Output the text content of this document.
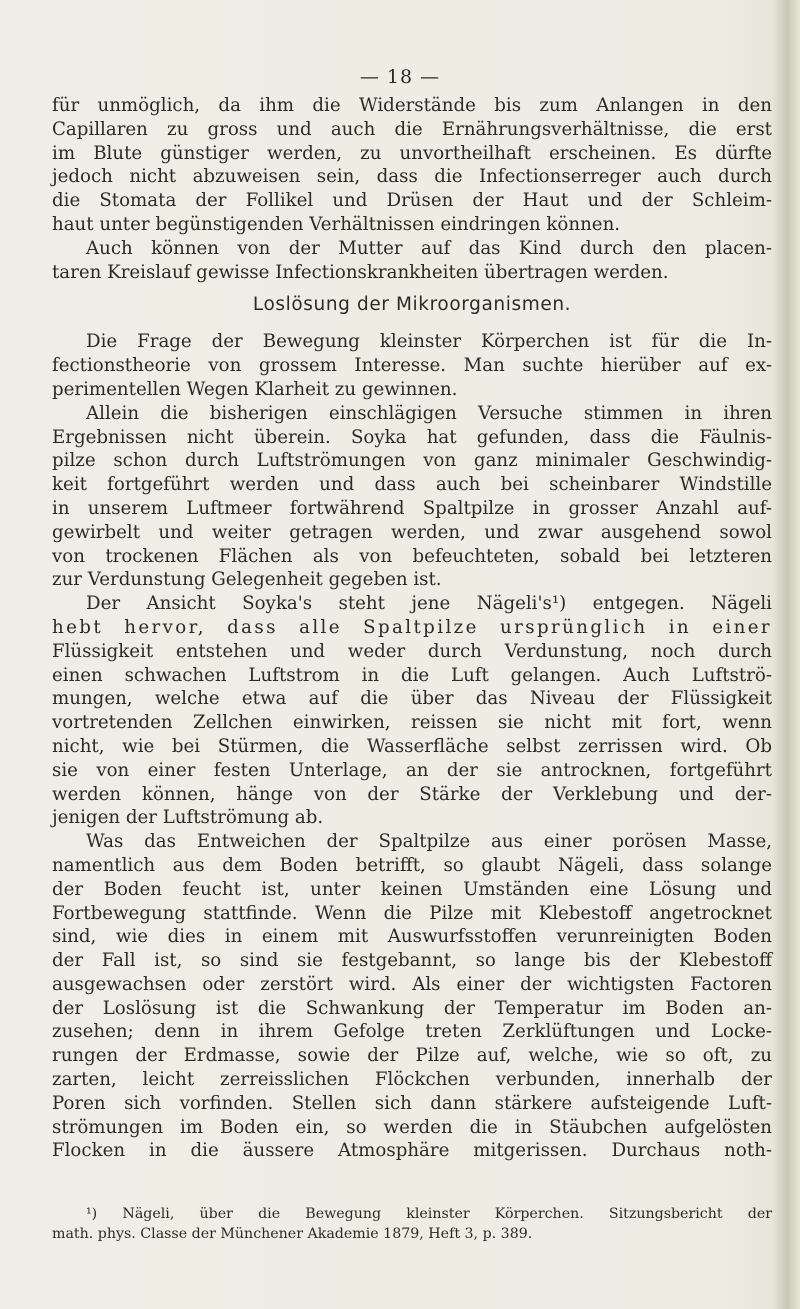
— 18 —
für unmöglich, da ihm die Widerstände bis zum Anlangen in den
Capillaren zu gross und auch die Ernährungsverhältnisse, die erst
im Blute günstiger werden, zu unvortheilhaft erscheinen. Es dürfte
jedoch nicht abzuweisen sein, dass die Infectionserreger auch durch
die Stomata der Follikel und Drüsen der Haut und der Schleim-
haut unter begünstigenden Verhältnissen eindringen können.
Auch können von der Mutter auf das Kind durch den placen-
taren Kreislauf gewisse Infectionskrankheiten übertragen werden.
Loslösung der Mikroorganismen.
Die Frage der Bewegung kleinster Körperchen ist für die In-
fectionstheorie von grossem Interesse. Man suchte hierüber auf ex-
perimentellen Wegen Klarheit zu gewinnen.
Allein die bisherigen einschlägigen Versuche stimmen in ihren
Ergebnissen nicht überein. Soyka hat gefunden, dass die Fäulnis-
pilze schon durch Luftströmungen von ganz minimaler Geschwindig-
keit fortgeführt werden und dass auch bei scheinbarer Windstille
in unserem Luftmeer fortwährend Spaltpilze in grosser Anzahl auf-
gewirbelt und weiter getragen werden, und zwar ausgehend sowol
von trockenen Flächen als von befeuchteten, sobald bei letzteren
zur Verdunstung Gelegenheit gegeben ist.
Der Ansicht Soyka's steht jene Nägeli's¹) entgegen. Nägeli
hebt hervor, dass alle Spaltpilze ursprünglich in einer
Flüssigkeit entstehen und weder durch Verdunstung, noch durch
einen schwachen Luftstrom in die Luft gelangen. Auch Luftströ-
mungen, welche etwa auf die über das Niveau der Flüssigkeit
vortretenden Zellchen einwirken, reissen sie nicht mit fort, wenn
nicht, wie bei Stürmen, die Wasserfläche selbst zerrissen wird. Ob
sie von einer festen Unterlage, an der sie antrocknen, fortgeführt
werden können, hänge von der Stärke der Verklebung und der-
jenigen der Luftströmung ab.
Was das Entweichen der Spaltpilze aus einer porösen Masse,
namentlich aus dem Boden betrifft, so glaubt Nägeli, dass solange
der Boden feucht ist, unter keinen Umständen eine Lösung und
Fortbewegung stattfinde. Wenn die Pilze mit Klebestoff angetrocknet
sind, wie dies in einem mit Auswurfsstoffen verunreinigten Boden
der Fall ist, so sind sie festgebannt, so lange bis der Klebestoff
ausgewachsen oder zerstört wird. Als einer der wichtigsten Factoren
der Loslösung ist die Schwankung der Temperatur im Boden an-
zusehen; denn in ihrem Gefolge treten Zerklüftungen und Locke-
rungen der Erdmasse, sowie der Pilze auf, welche, wie so oft, zu
zarten, leicht zerreisslichen Flöckchen verbunden, innerhalb der
Poren sich vorfinden. Stellen sich dann stärkere aufsteigende Luft-
strömungen im Boden ein, so werden die in Stäubchen aufgelösten
Flocken in die äussere Atmosphäre mitgerissen. Durchaus noth-
¹) Nägeli, über die Bewegung kleinster Körperchen. Sitzungsbericht der
math. phys. Classe der Münchener Akademie 1879, Heft 3, p. 389.
